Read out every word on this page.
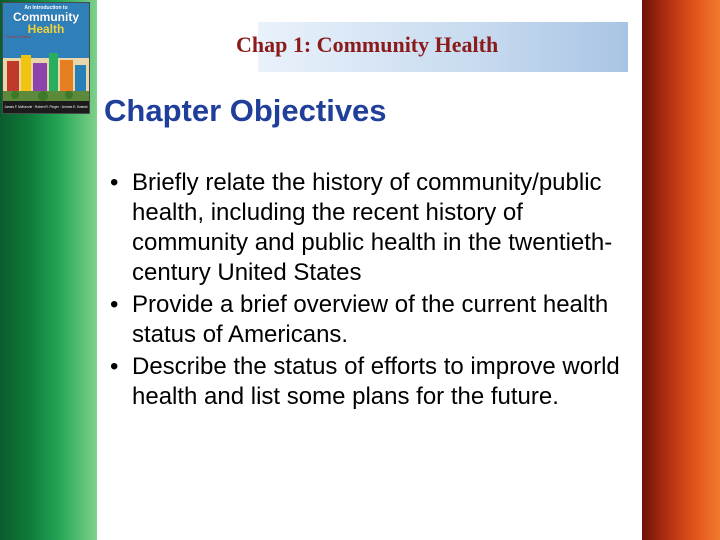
An Introduction to
Community
Health
Fourth Edition
James F. McKenzie · Robert R. Pinger · Jerome E. Kotecki
Chap 1: Community Health
Chapter Objectives
• Briefly relate the history of community/public health, including the recent history of community and public health in the twentieth-century United States
• Provide a brief overview of the current health status of Americans.
• Describe the status of efforts to improve world health and list some plans for the future.
